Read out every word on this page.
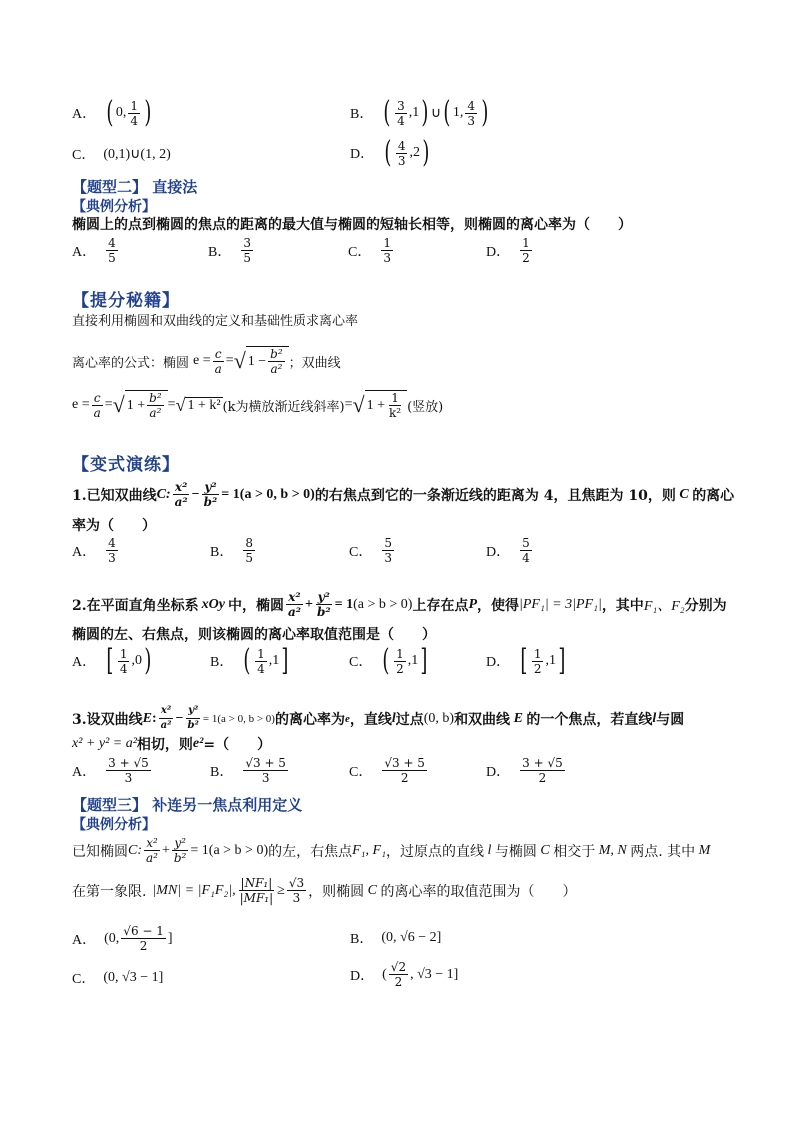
A． ( 0, $\frac{1}{4}$ )	B． ( $\frac{3}{4} ,1$ ) ∪ ( 1, $\frac{4}{3}$ )
C． (0,1)∪(1, 2)	D． ( $\frac{4}{3} ,2$ )
【题型二】 直接法
【典例分析】
椭圆上的点到椭圆的焦点的距离的最大值与椭圆的短轴长相等，则椭圆的离心率为（　　）
A． $\frac{4}{5}$	B． $\frac{3}{5}$	C． $\frac{1}{3}$	D． $\frac{1}{2}$
【提分秘籍】
直接利用椭圆和双曲线的定义和基础性质求离心率
离心率的公式：椭圆 $e = \frac{c}{a}$ = √ $1 - \frac{\text{b²}}{\text{a²}}$ ；双曲线
$e = \frac{c}{a}$ = √ $1 + \frac{\text{b²}}{\text{a²}}$ = √ 1 + k² (k为横放渐近线斜率) = √ $1 + \frac{1}{\text{k²}}$ (竖放)
【变式演练】
1.已知双曲线 C: $\frac{\text{x²}}{\text{a²}} - \frac{\text{y²}}{\text{b²}} = 1$ (a > 0, b > 0) 的右焦点到它的一条渐近线的距离为 4，且焦距为 10，则 C 的离心
率为（　　）
A． $\frac{4}{3}$	B． $\frac{8}{5}$	C． $\frac{5}{3}$	D． $\frac{5}{4}$
2.在平面直角坐标系 xOy 中，椭圆 $\frac{\text{x²}}{\text{a²}} + \frac{\text{y²}}{\text{b²}} = 1$ (a > b > 0) 上存在点 P ，使得 |PF₁| = 3|PF₁| ，其中 F₁、F₂ 分别为
椭圆的左、右焦点，则该椭圆的离心率取值范围是（　　）
A． [ $\frac{1}{4} ,0$ )	B． ( $\frac{1}{4} ,1$ ]	C． ( $\frac{1}{2} ,1$ ]	D． [ $\frac{1}{2} ,1$ ]
3.设双曲线 E : $\frac{\text{x²}}{\text{a²}} - \frac{\text{y²}}{\text{b²}} = 1$ (a > 0, b > 0) 的离心率为 e ，直线 l 过点 (0, b) 和双曲线 E 的一个焦点，若直线 l 与圆
x² + y² = a² 相切，则 e² =（　　）
A． $\frac{3 + √5}{3}$	B． $\frac{√3 + 5}{3}$	C． $\frac{√3 + 5}{2}$	D． $\frac{3 + √5}{2}$
【题型三】 补连另一焦点利用定义
【典例分析】
已知椭圆 C: $\frac{\text{x²}}{\text{a²}} + \frac{\text{y²}}{\text{b²}} = 1$ (a > b > 0) 的左，右焦点 F₁, F₁ ，过原点的直线 l 与椭圆 C 相交于 M, N 两点. 其中 M
在第一象限. |MN| = |F₁F₂|, $\frac{\text{|NF₁|}}{\text{|MF₁|}} \ge \frac{√3}{3}$ ，则椭圆 C 的离心率的取值范围为（　　）
A． (0, $\frac{√6 - 1}{2}$ ]	B． (0, √6 − 2]
C． (0, √3 − 1]	D． ( $\frac{√2}{2}$ , √3 − 1]
